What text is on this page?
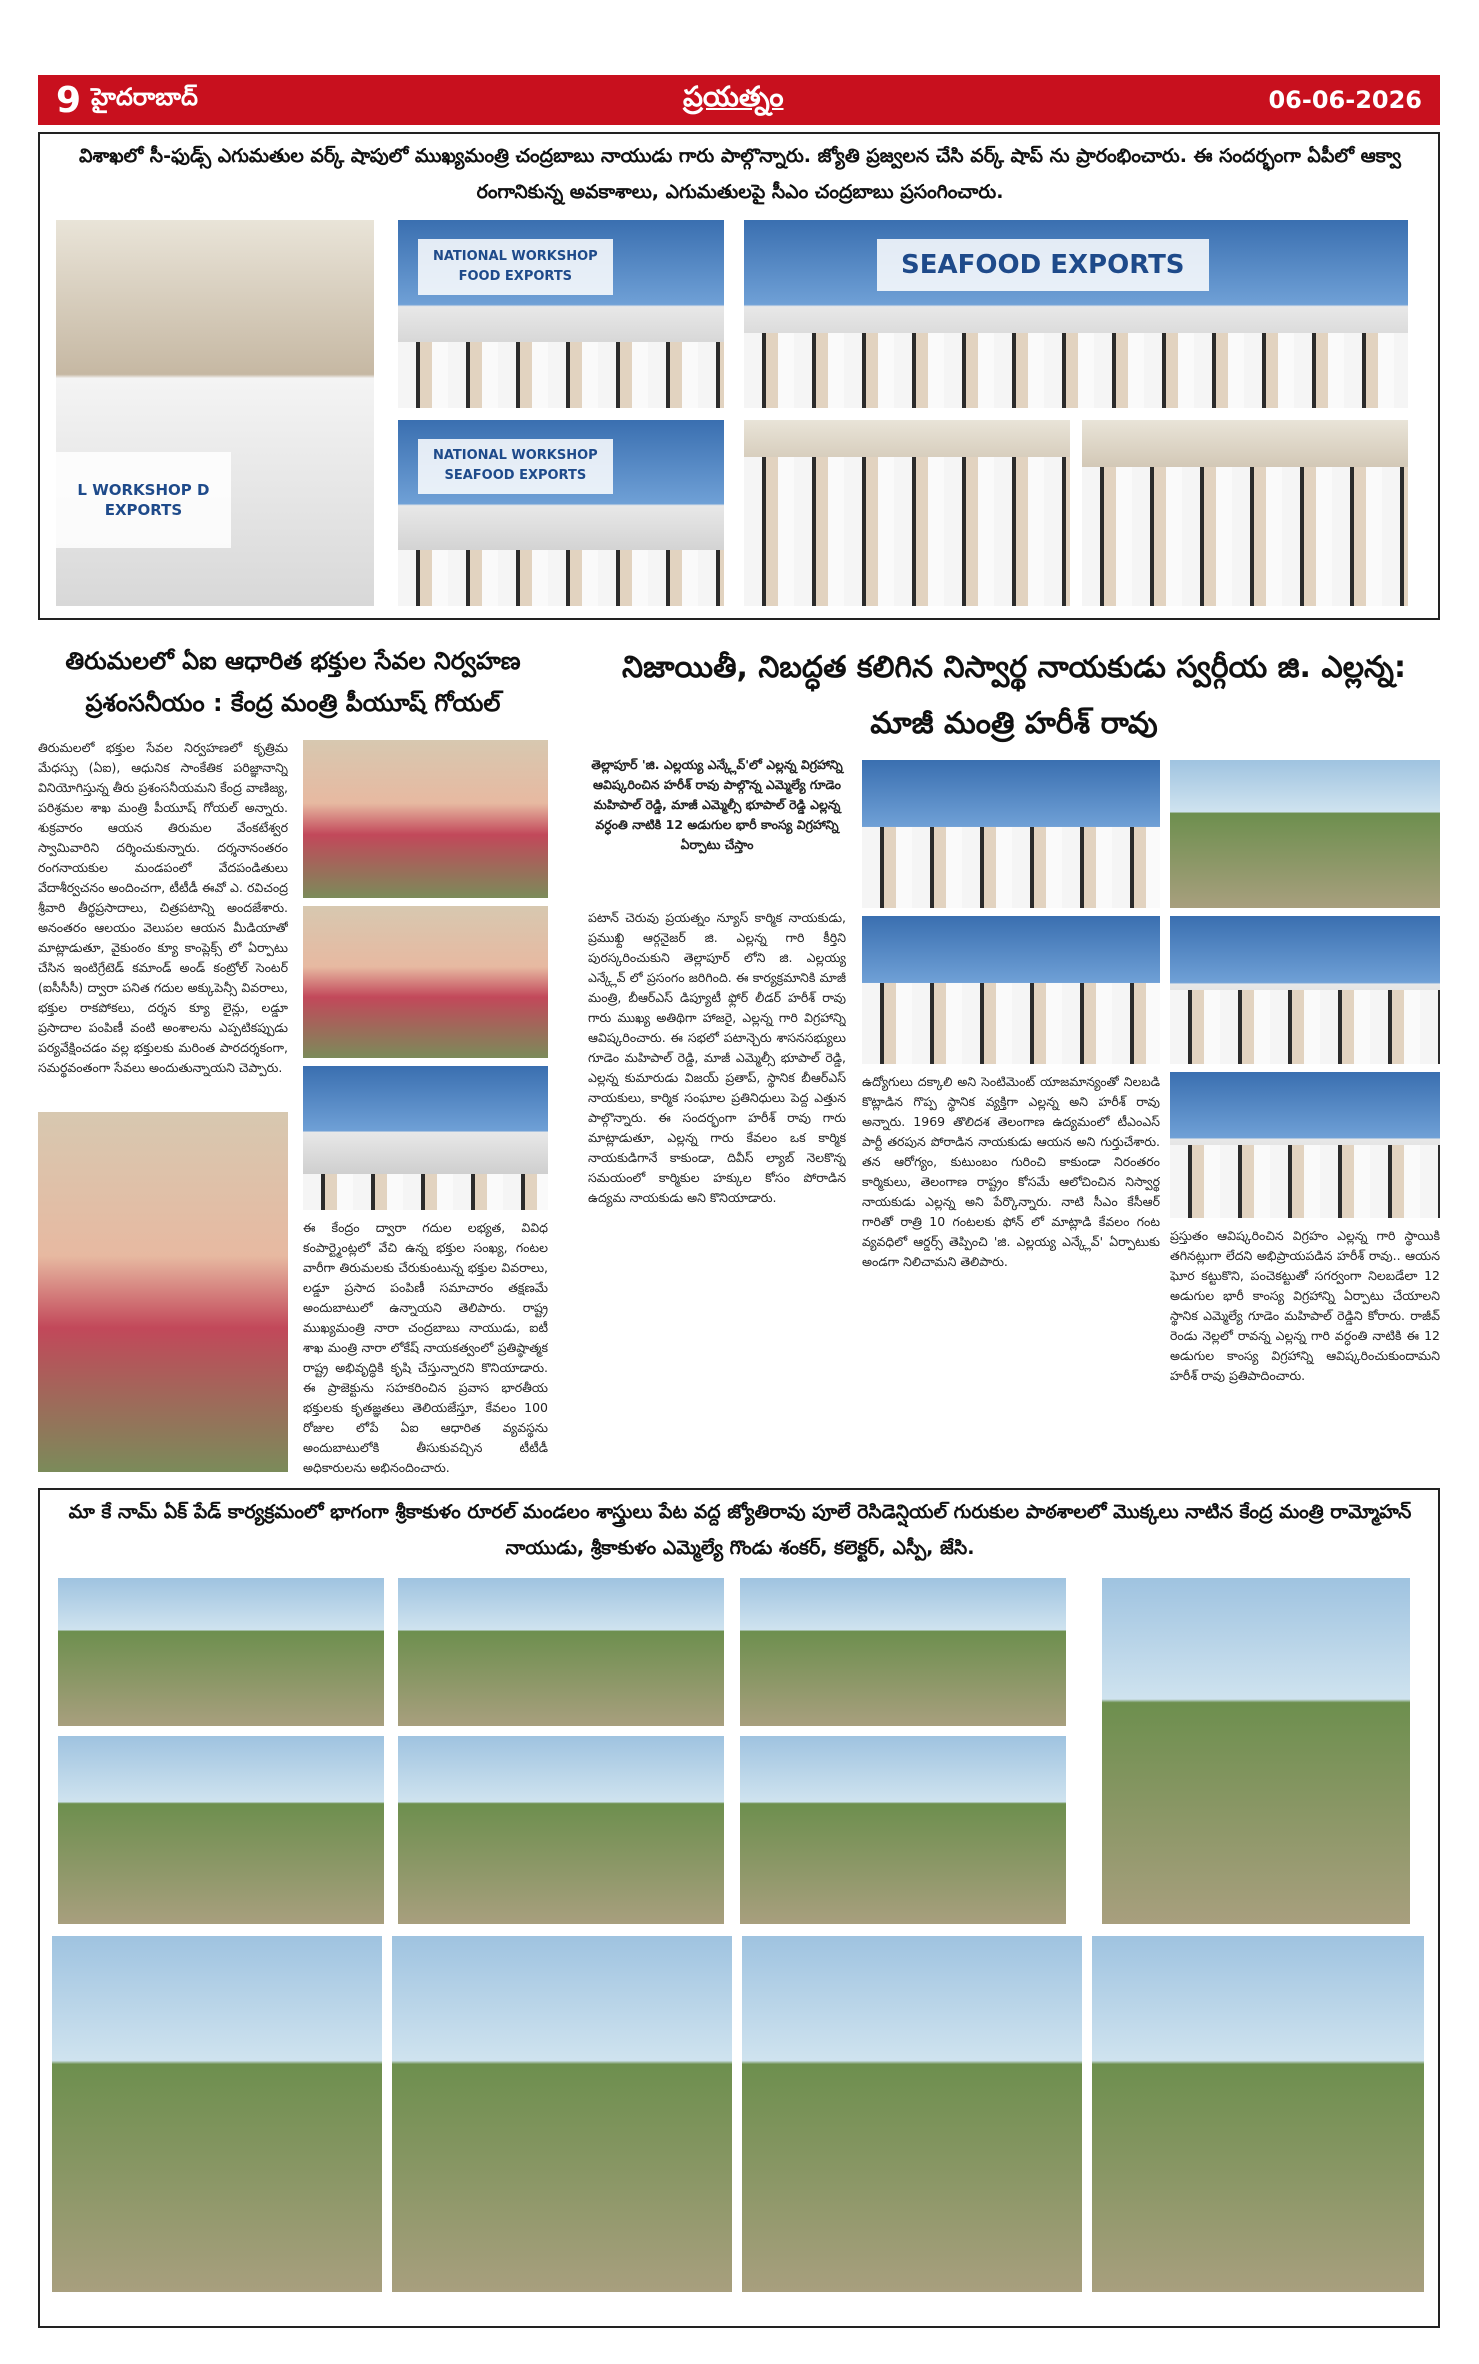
9 హైదరాబాద్	ప్రయత్నం	06-06-2026
విశాఖలో సీ-ఫుడ్స్ ఎగుమతుల వర్క్ షాపులో ముఖ్యమంత్రి చంద్రబాబు నాయుడు గారు పాల్గొన్నారు. జ్యోతి ప్రజ్వలన చేసి వర్క్ షాప్ ను ప్రారంభించారు. ఈ సందర్భంగా ఏపీలో ఆక్వా రంగానికున్న అవకాశాలు, ఎగుమతులపై సీఎం చంద్రబాబు ప్రసంగించారు.
L WORKSHOP D EXPORTS
NATIONAL WORKSHOP FOOD EXPORTS	SEAFOOD EXPORTS
NATIONAL WORKSHOP SEAFOOD EXPORTS
తిరుమలలో ఏఐ ఆధారిత భక్తుల సేవల నిర్వహణ ప్రశంసనీయం : కేంద్ర మంత్రి పీయూష్ గోయల్
తిరుమలలో భక్తుల సేవల నిర్వహణలో కృత్రిమ మేధస్సు (ఏఐ), ఆధునిక సాంకేతిక పరిజ్ఞానాన్ని వినియోగిస్తున్న తీరు ప్రశంసనీయమని కేంద్ర వాణిజ్య, పరిశ్రమల శాఖ మంత్రి పీయూష్ గోయల్ అన్నారు. శుక్రవారం ఆయన తిరుమల వేంకటేశ్వర స్వామివారిని దర్శించుకున్నారు. దర్శనానంతరం రంగనాయకుల మండపంలో వేదపండితులు వేదాశీర్వచనం అందించగా, టీటీడీ ఈవో ఎ. రవిచంద్ర శ్రీవారి తీర్థప్రసాదాలు, చిత్రపటాన్ని అందజేశారు. అనంతరం ఆలయం వెలుపల ఆయన మీడియాతో మాట్లాడుతూ, వైకుంఠం క్యూ కాంప్లెక్స్ లో ఏర్పాటు చేసిన ఇంటిగ్రేటెడ్ కమాండ్ అండ్ కంట్రోల్ సెంటర్ (ఐసీసీసీ) ద్వారా పనిత గదుల అక్కుపెన్సీ వివరాలు, భక్తుల రాకపోకలు, దర్శన క్యూ లైన్లు, లడ్డూ ప్రసాదాల పంపిణీ వంటి అంశాలను ఎప్పటికప్పుడు పర్యవేక్షించడం వల్ల భక్తులకు మరింత పారదర్శకంగా, సమర్థవంతంగా సేవలు అందుతున్నాయని చెప్పారు.
ఈ కేంద్రం ద్వారా గదుల లభ్యత, వివిధ కంపార్ట్మెంట్లలో వేచి ఉన్న భక్తుల సంఖ్య, గంటల వారీగా తిరుమలకు చేరుకుంటున్న భక్తుల వివరాలు, లడ్డూ ప్రసాద పంపిణీ సమాచారం తక్షణమే అందుబాటులో ఉన్నాయని తెలిపారు. రాష్ట్ర ముఖ్యమంత్రి నారా చంద్రబాబు నాయుడు, ఐటీ శాఖ మంత్రి నారా లోకేష్ నాయకత్వంలో ప్రతిష్ఠాత్మక రాష్ట్ర అభివృద్ధికి కృషి చేస్తున్నారని కొనియాడారు. ఈ ప్రాజెక్టును సహకరించిన ప్రవాస భారతీయ భక్తులకు కృతజ్ఞతలు తెలియజేస్తూ, కేవలం 100 రోజుల లోపే ఏఐ ఆధారిత వ్యవస్థను అందుబాటులోకి తీసుకువచ్చిన టీటీడీ అధికారులను అభినందించారు.
నిజాయితీ, నిబద్ధత కలిగిన నిస్వార్థ నాయకుడు స్వర్గీయ జి. ఎల్లన్న: మాజీ మంత్రి హరీశ్ రావు
తెల్లాపూర్ 'జి. ఎల్లయ్య ఎన్క్లేవ్'లో ఎల్లన్న విగ్రహాన్ని ఆవిష్కరించిన హరీశ్ రావు పాల్గొన్న ఎమ్మెల్యే గూడెం మహిపాల్ రెడ్డి, మాజీ ఎమ్మెల్సీ భూపాల్ రెడ్డి ఎల్లన్న వర్ధంతి నాటికి 12 అడుగుల భారీ కాంస్య విగ్రహాన్ని ఏర్పాటు చేస్తాం
పటాన్ చెరువు ప్రయత్నం న్యూస్ కార్మిక నాయకుడు, ప్రముఖ్ది ఆర్గనైజర్ జి. ఎల్లన్న గారి కీర్తిని పురస్కరించుకుని తెల్లాపూర్ లోని జి. ఎల్లయ్య ఎన్క్లేవ్ లో ప్రసంగం జరిగింది. ఈ కార్యక్రమానికి మాజీ మంత్రి, బీఆర్ఎస్ డిప్యూటీ ఫ్లోర్ లీడర్ హరీశ్ రావు గారు ముఖ్య అతిథిగా హాజరై, ఎల్లన్న గారి విగ్రహాన్ని ఆవిష్కరించారు. ఈ సభలో పటాన్చెరు శాసనసభ్యులు గూడెం మహిపాల్ రెడ్డి, మాజీ ఎమ్మెల్సీ భూపాల్ రెడ్డి, ఎల్లన్న కుమారుడు విజయ్ ప్రతాప్, స్థానిక బీఆర్ఎస్ నాయకులు, కార్మిక సంఘాల ప్రతినిధులు పెద్ద ఎత్తున పాల్గొన్నారు. ఈ సందర్భంగా హరీశ్ రావు గారు మాట్లాడుతూ, ఎల్లన్న గారు కేవలం ఒక కార్మిక నాయకుడిగానే కాకుండా, దివీస్ ల్యాబ్ నెలకొన్న సమయంలో కార్మికుల హక్కుల కోసం పోరాడిన ఉద్యమ నాయకుడు అని కొనియాడారు.
ఉద్యోగులు దక్కాలి అని సెంటిమెంట్ యాజమాన్యంతో నిలబడి కొట్లాడిన గొప్ప స్థానిక వ్యక్తిగా ఎల్లన్న అని హరీశ్ రావు అన్నారు. 1969 తొలిదశ తెలంగాణ ఉద్యమంలో టీఎంఎస్ పార్టీ తరపున పోరాడిన నాయకుడు ఆయన అని గుర్తుచేశారు. తన ఆరోగ్యం, కుటుంబం గురించి కాకుండా నిరంతరం కార్మికులు, తెలంగాణ రాష్ట్రం కోసమే ఆలోచించిన నిస్వార్థ నాయకుడు ఎల్లన్న అని పేర్కొన్నారు. నాటి సీఎం కేసీఆర్ గారితో రాత్రి 10 గంటలకు ఫోన్ లో మాట్లాడి కేవలం గంట వ్యవధిలో ఆర్డర్స్ తెప్పించి 'జి. ఎల్లయ్య ఎన్క్లేవ్' ఏర్పాటుకు అండగా నిలిచామని తెలిపారు.
ప్రస్తుతం ఆవిష్కరించిన విగ్రహం ఎల్లన్న గారి స్థాయికి తగినట్లుగా లేదని అభిప్రాయపడిన హరీశ్ రావు.. ఆయన ఘోర కట్టుకొని, పంచెకట్టుతో సగర్వంగా నిలబడేలా 12 అడుగుల భారీ కాంస్య విగ్రహాన్ని ఏర్పాటు చేయాలని స్థానిక ఎమ్మెల్యే గూడెం మహిపాల్ రెడ్డిని కోరారు. రాజీవ్ రెండు నెల్లలో రావన్న ఎల్లన్న గారి వర్ధంతి నాటికి ఈ 12 అడుగుల కాంస్య విగ్రహాన్ని ఆవిష్కరించుకుందామని హరీశ్ రావు ప్రతిపాదించారు.
మా కే నామ్ ఏక్ పేడ్ కార్యక్రమంలో భాగంగా శ్రీకాకుళం రూరల్ మండలం శాస్త్రులు పేట వద్ద జ్యోతిరావు పూలే రెసిడెన్షియల్ గురుకుల పాఠశాలలో మొక్కలు నాటిన కేంద్ర మంత్రి రామ్మోహన్ నాయుడు, శ్రీకాకుళం ఎమ్మెల్యే గొండు శంకర్, కలెక్టర్, ఎస్పీ, జేసి.
